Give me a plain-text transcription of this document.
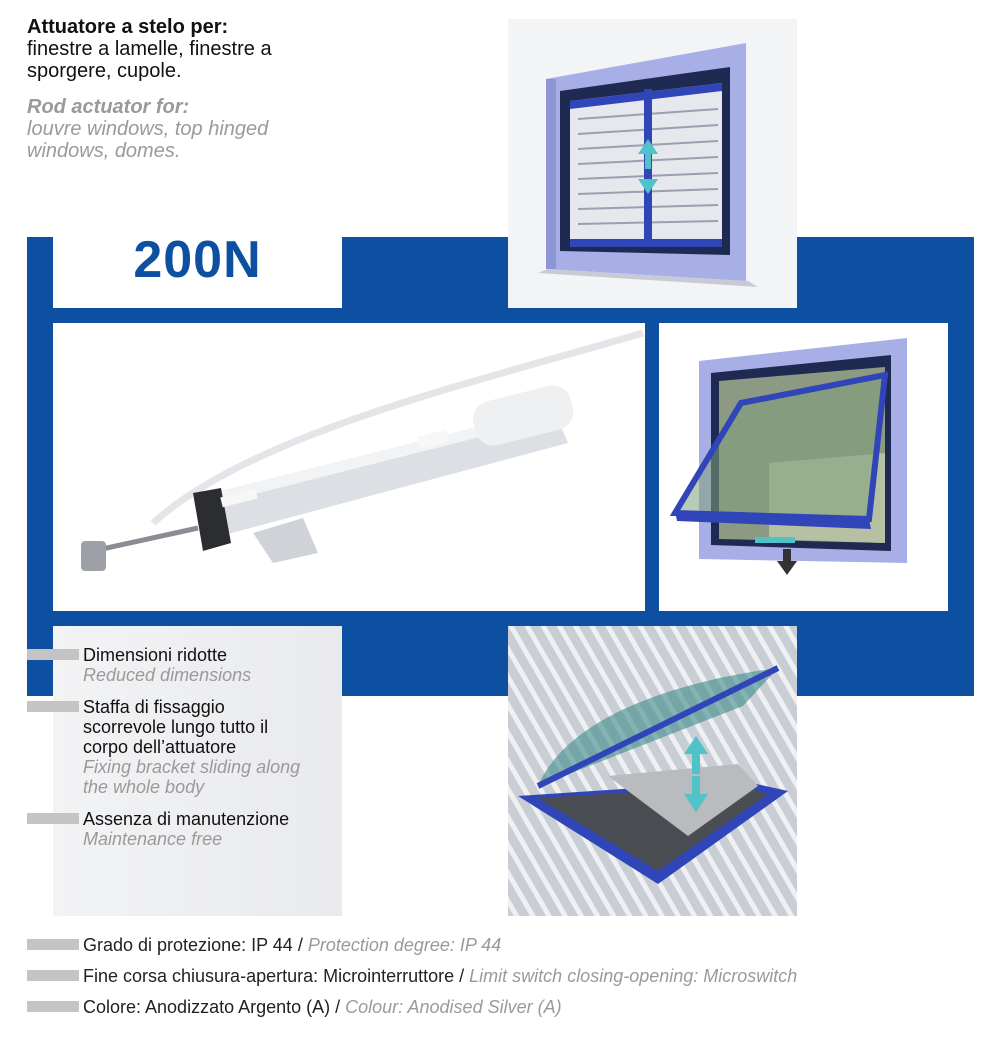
Attuatore a stelo per:
finestre a lamelle, finestre a
sporgere, cupole.
Rod actuator for:
louvre windows, top hinged
windows, domes.
200N
Dimensioni ridotte
Reduced dimensions
Staffa di fissaggio
scorrevole lungo tutto il
corpo dell’attuatore
Fixing bracket sliding along
the whole body
Assenza di manutenzione
Maintenance free
Grado di protezione: IP 44 / Protection degree: IP 44
Fine corsa chiusura-apertura: Microinterruttore / Limit switch closing-opening: Microswitch
Colore: Anodizzato Argento (A) / Colour: Anodised Silver (A)
